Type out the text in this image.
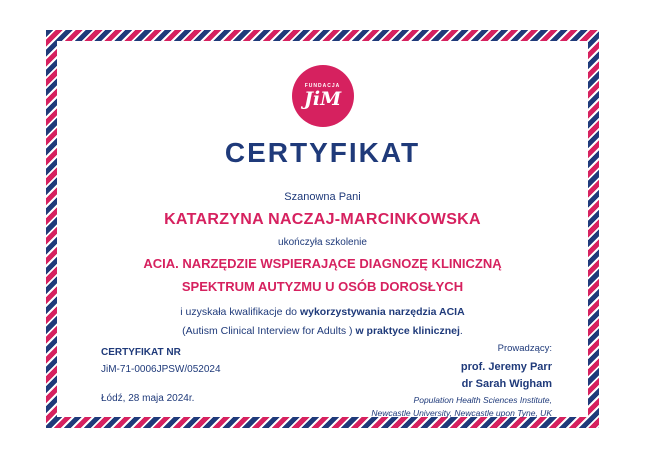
FUNDACJA
JiM
CERTYFIKAT
Szanowna Pani
KATARZYNA NACZAJ-MARCINKOWSKA
ukończyła szkolenie
ACIA. NARZĘDZIE WSPIERAJĄCE DIAGNOZĘ KLINICZNĄ
SPEKTRUM AUTYZMU U OSÓB DOROSŁYCH
i uzyskała kwalifikacje do wykorzystywania narzędzia ACIA
(Autism Clinical Interview for Adults ) w praktyce klinicznej.
CERTYFIKAT NR
JiM-71-0006JPSW/052024
Łódź, 28 maja 2024r.
Prowadzący:
prof. Jeremy Parr
dr Sarah Wigham
Population Health Sciences Institute,
Newcastle University, Newcastle upon Tyne, UK
